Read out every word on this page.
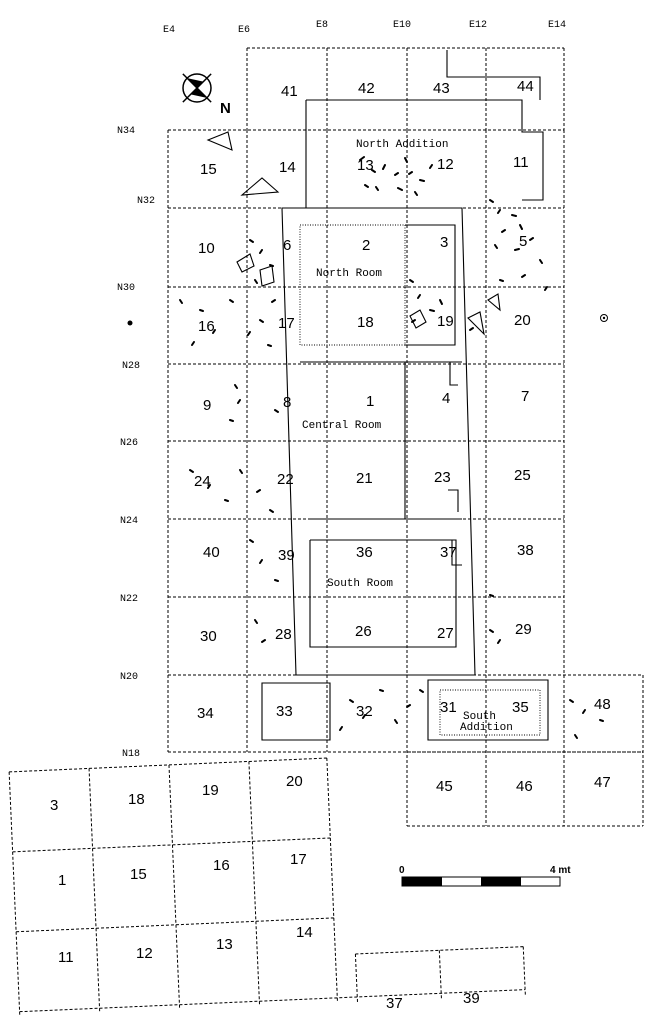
N
E4	E6	E8	E10	E12	E14
N34
N32
N30
N28
N26
N24
N22
N20
N18
41	42	43	44
15	14	13	12	11
10	6	2	3	5
16	17	18	19	20
9	8	1	4	7
24	22	21	23	25
40	39	36	37	38
30	28	26	27	29
34	33	32	31	35	48
45	46	47
3	18
19
20
1	15
16	17
11	12
13
14
37	39
North Addition
North Room
Central Room
South Room
South
Addition
0	4 mt
